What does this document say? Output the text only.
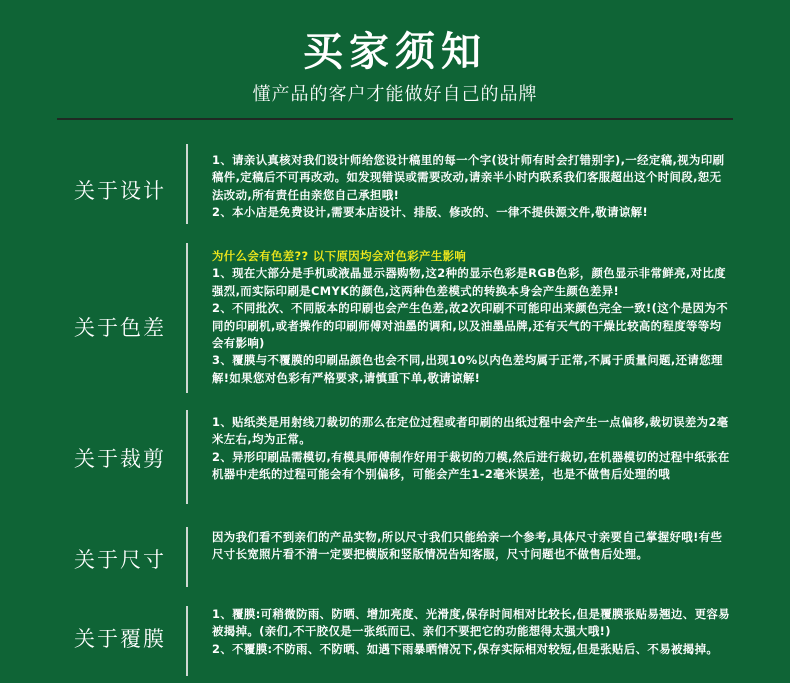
买家须知
懂产品的客户才能做好自己的品牌
关于设计

1、请亲认真核对我们设计师给您设计稿里的每一个字(设计师有时会打错别字),一经定稿,视为印刷稿件,定稿后不可再改动。如发现错误或需要改动,请亲半小时内联系我们客服超出这个时间段,恕无法改动,所有责任由亲您自己承担哦!

2、本小店是免费设计,需要本店设计、排版、修改的、一律不提供源文件,敬请谅解!

关于色差

为什么会有色差?? 以下原因均会对色彩产生影响

1、现在大部分是手机或液晶显示器购物,这2种的显示色彩是RGB色彩，颜色显示非常鲜亮,对比度强烈,而实际印刷是CMYK的颜色,这两种色差模式的转换本身会产生颜色差异!

2、不同批次、不同版本的印刷也会产生色差,故2次印刷不可能印出来颜色完全一致!(这个是因为不同的印刷机,或者操作的印刷师傅对油墨的调和,以及油墨品牌,还有天气的干燥比较高的程度等等均会有影响)

3、覆膜与不覆膜的印刷品颜色也会不同,出现10%以内色差均属于正常,不属于质量问题,还请您理解!如果您对色彩有严格要求,请慎重下单,敬请谅解!

关于裁剪

1、贴纸类是用射线刀裁切的那么在定位过程或者印刷的出纸过程中会产生一点偏移,裁切误差为2毫米左右,均为正常。

2、异形印刷品需模切,有模具师傅制作好用于裁切的刀模,然后进行裁切,在机器模切的过程中纸张在机器中走纸的过程可能会有个别偏移，可能会产生1-2毫米误差，也是不做售后处理的哦

关于尺寸

因为我们看不到亲们的产品实物,所以尺寸我们只能给亲一个参考,具体尺寸亲要自己掌握好哦!有些尺寸长宽照片看不清一定要把横版和竖版情况告知客服，尺寸问题也不做售后处理。

关于覆膜

1、覆膜:可稍微防雨、防晒、增加亮度、光滑度,保存时间相对比较长,但是覆膜张贴易翘边、更容易被揭掉。(亲们,不干胶仅是一张纸而已、亲们不要把它的功能想得太强大哦!)

2、不覆膜:不防雨、不防晒、如遇下雨暴晒情况下,保存实际相对较短,但是张贴后、不易被揭掉。
